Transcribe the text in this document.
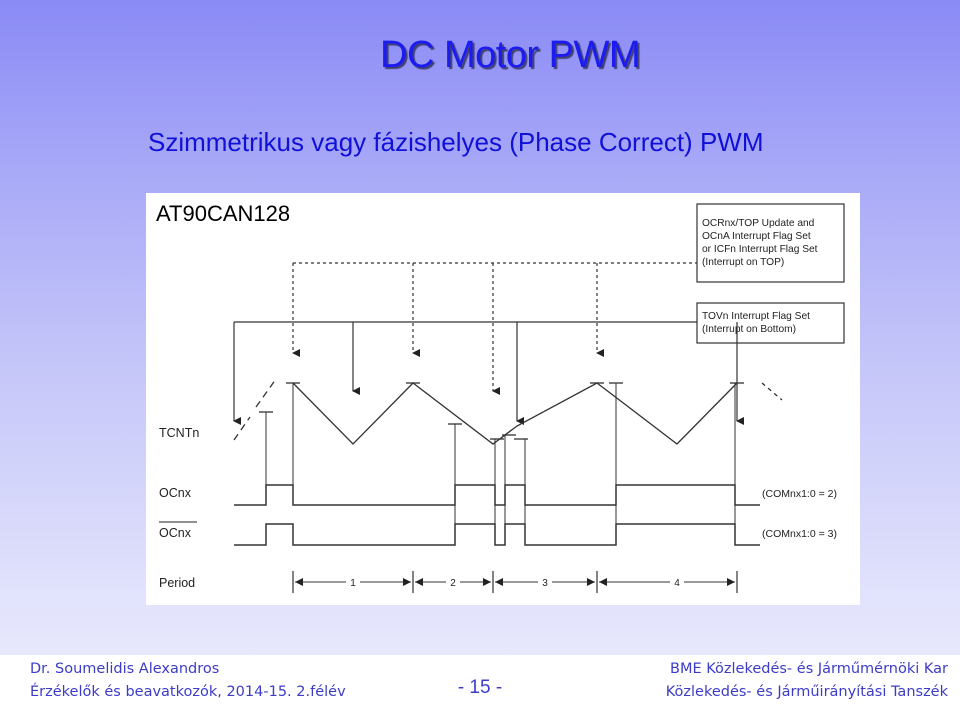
DC Motor PWM
Szimmetrikus vagy fázishelyes (Phase Correct) PWM
OCRnx/TOP Update and OCnA Interrupt Flag Set or ICFn Interrupt Flag Set (Interrupt on TOP)
TOVn Interrupt Flag Set (Interrupt on Bottom)
TCNTn
OCnx
OCnx
Period
(COMnx1:0 = 2)
(COMnx1:0 = 3)
1	2	3	4
AT90CAN128
Dr. Soumelidis Alexandros
Érzékelők és beavatkozók, 2014-15. 2.félév	- 15 -
BME Közlekedés- és Járműmérnöki Kar
Közlekedés- és Járműirányítási Tanszék
